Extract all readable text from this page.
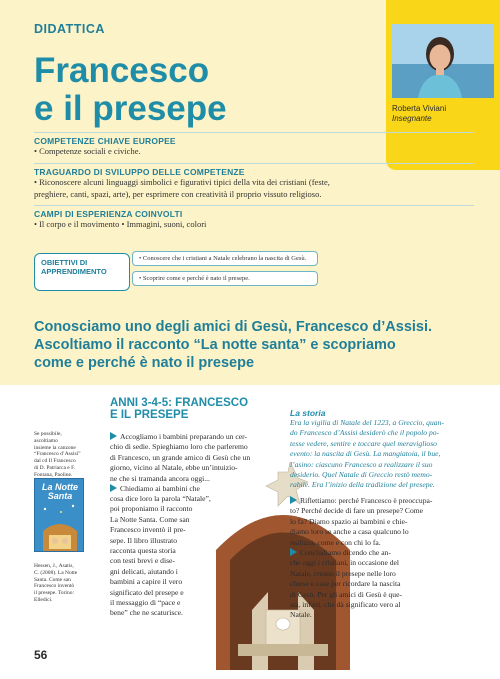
DIDATTICA
Francesco
e il presepe	Roberta Viviani
Insegnante
COMPETENZE CHIAVE EUROPEE
• Competenze sociali e civiche.
TRAGUARDO DI SVILUPPO DELLE COMPETENZE
• Riconoscere alcuni linguaggi simbolici e figurativi tipici della vita dei cristiani (feste,
preghiere, canti, spazi, arte), per esprimere con creatività il proprio vissuto religioso.
CAMPI DI ESPERIENZA COINVOLTI
• Il corpo e il movimento • Immagini, suoni, colori
OBIETTIVI DI
APPRENDIMENTO
• Conoscere che i cristiani a Natale celebrano la nascita di Gesù.
• Scoprire come e perché è nato il presepe.
Conosciamo uno degli amici di Gesù, Francesco d’Assisi.
Ascoltiamo il racconto “La notte santa” e scopriamo
come e perché è nato il presepe
Se possibile,
ascoltiamo
insieme la canzone
“Francesco d’Assisi”
dal cd Il Francesco
di D. Patriarca e F.
Fontana, Paoline.
La Notte
Santa
Hessen, J., Asatis,
C. (2008). La Notte
Santa. Come san
Francesco inventò
il presepe. Torino:
Elledici.
ANNI 3-4-5: FRANCESCO
E IL PRESEPE
Accogliamo i bambini preparando un cer-
chio di sedie. Spieghiamo loro che parleremo
di Francesco, un grande amico di Gesù che un
giorno, vicino al Natale, ebbe un’intuizio-
ne che si tramanda ancora oggi...
Chiediamo ai bambini che
cosa dice loro la parola “Natale”,
poi proponiamo il racconto
La Notte Santa. Come san
Francesco inventò il pre-
sepe. Il libro illustrato
racconta questa storia
con testi brevi e dise-
gni delicati, aiutando i
bambini a capire il vero
significato del presepe e
il messaggio di “pace e
bene” che ne scaturisce.
La storia
Era la vigilia di Natale del 1223, a Greccio, quan-
do Francesco d’Assisi desiderò che il popolo po-
tesse vedere, sentire e toccare quel meraviglioso
evento: la nascita di Gesù. La mangiatoia, il bue,
l’asino: ciascuno Francesco a realizzare il suo
desiderio. Quel Natale di Greccio restò memo-
rabile. Era l’inizio della tradizione del presepe.
Riflettiamo: perché Francesco è preoccupa-
to? Perché decide di fare un presepe? Come
lo fa? Diamo spazio ai bambini e chie-
diamo loro se anche a casa qualcuno lo
realizza, come e con chi lo fa.
Concludiamo dicendo che an-
che oggi i cristiani, in occasione del
Natale, creano il presepe nelle loro
chiese e case per ricordare la nascita
di Gesù. Per gli amici di Gesù è que-
sta, infatti, che dà significato vero al
Natale.
56
